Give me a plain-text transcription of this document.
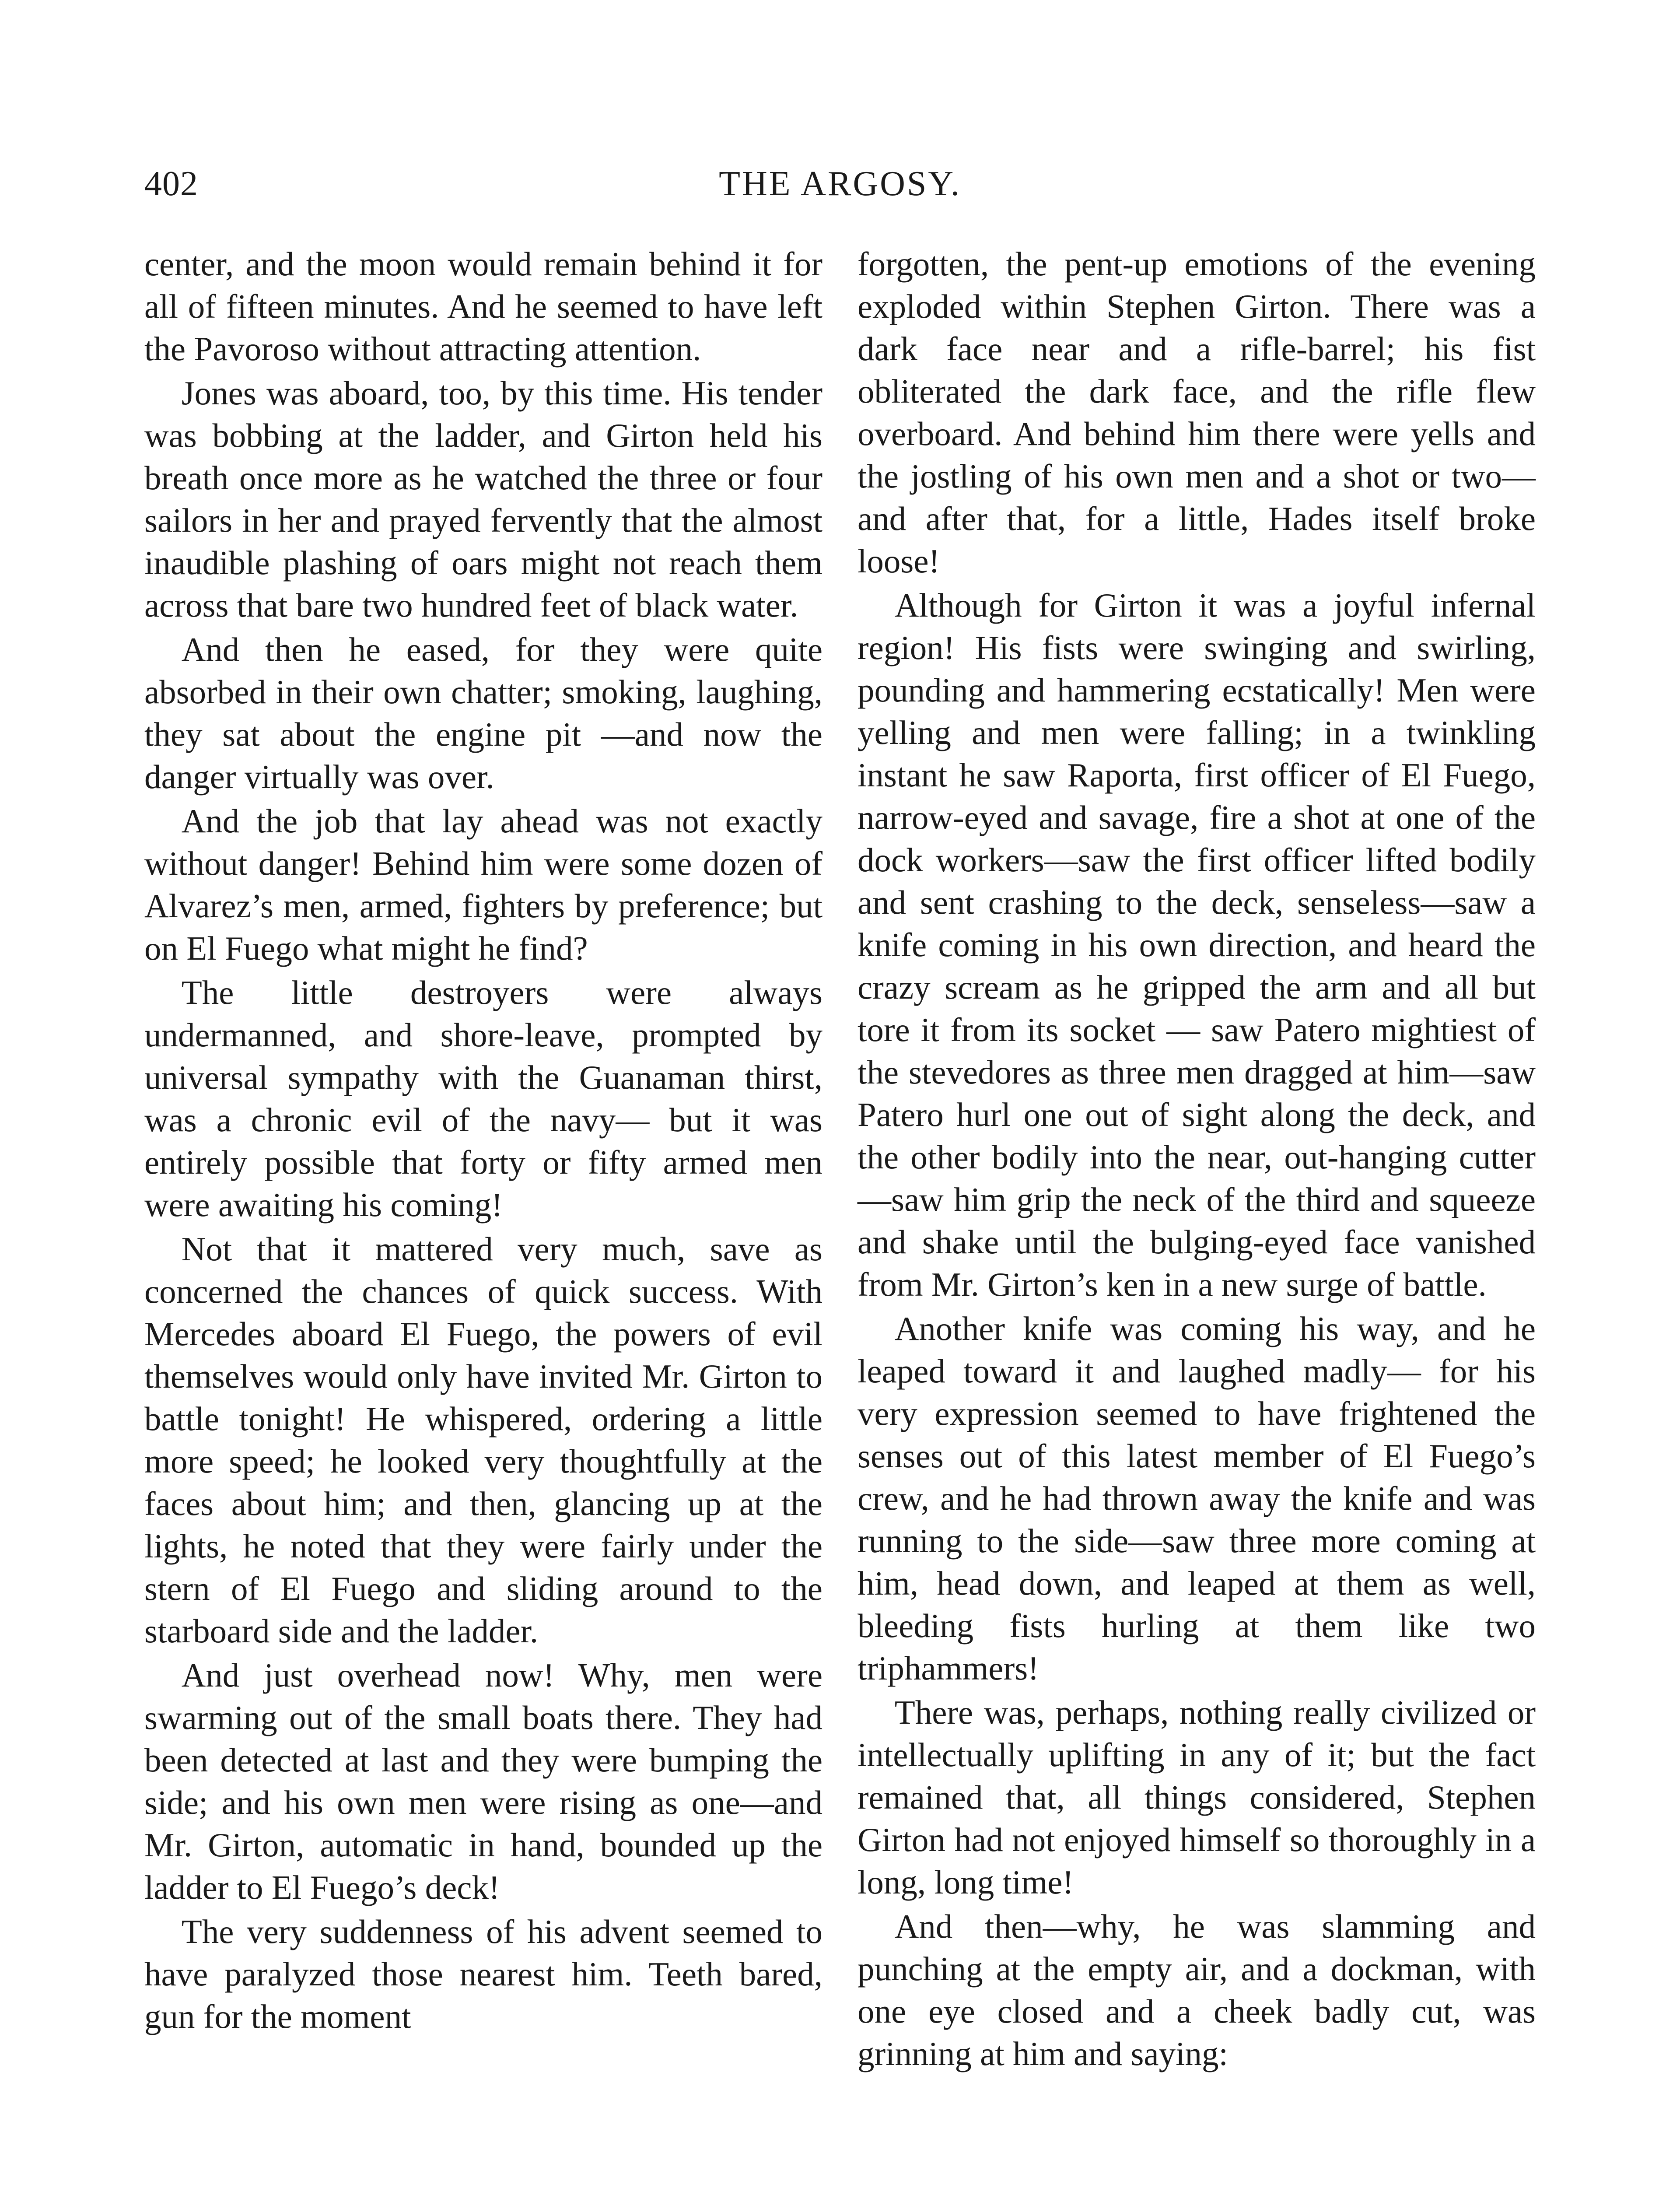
402	THE ARGOSY.

center, and the moon would remain behind it for all of fifteen minutes. And he seemed to have left the Pavoroso without attracting attention.

Jones was aboard, too, by this time. His tender was bobbing at the ladder, and Girton held his breath once more as he watched the three or four sailors in her and prayed fervently that the almost inaudible plashing of oars might not reach them across that bare two hundred feet of black water.

And then he eased, for they were quite absorbed in their own chatter; smoking, laughing, they sat about the engine pit —and now the danger virtually was over.

And the job that lay ahead was not exactly without danger! Behind him were some dozen of Alvarez’s men, armed, fighters by preference; but on El Fuego what might he find?

The little destroyers were always undermanned, and shore-leave, prompted by universal sympathy with the Guanaman thirst, was a chronic evil of the navy— but it was entirely possible that forty or fifty armed men were awaiting his coming!

Not that it mattered very much, save as concerned the chances of quick success. With Mercedes aboard El Fuego, the powers of evil themselves would only have invited Mr. Girton to battle tonight! He whispered, ordering a little more speed; he looked very thoughtfully at the faces about him; and then, glancing up at the lights, he noted that they were fairly under the stern of El Fuego and sliding around to the starboard side and the ladder.

And just overhead now! Why, men were swarming out of the small boats there. They had been detected at last and they were bumping the side; and his own men were rising as one—and Mr. Girton, automatic in hand, bounded up the ladder to El Fuego’s deck!

The very suddenness of his advent seemed to have paralyzed those nearest him. Teeth bared, gun for the moment

forgotten, the pent-up emotions of the evening exploded within Stephen Girton. There was a dark face near and a rifle-barrel; his fist obliterated the dark face, and the rifle flew overboard. And behind him there were yells and the jostling of his own men and a shot or two—and after that, for a little, Hades itself broke loose!

Although for Girton it was a joyful infernal region! His fists were swinging and swirling, pounding and hammering ecstatically! Men were yelling and men were falling; in a twinkling instant he saw Raporta, first officer of El Fuego, narrow-eyed and savage, fire a shot at one of the dock workers—saw the first officer lifted bodily and sent crashing to the deck, senseless—saw a knife coming in his own direction, and heard the crazy scream as he gripped the arm and all but tore it from its socket — saw Patero mightiest of the stevedores as three men dragged at him—saw Patero hurl one out of sight along the deck, and the other bodily into the near, out-hanging cutter—saw him grip the neck of the third and squeeze and shake until the bulging-eyed face vanished from Mr. Girton’s ken in a new surge of battle.

Another knife was coming his way, and he leaped toward it and laughed madly— for his very expression seemed to have frightened the senses out of this latest member of El Fuego’s crew, and he had thrown away the knife and was running to the side—saw three more coming at him, head down, and leaped at them as well, bleeding fists hurling at them like two triphammers!

There was, perhaps, nothing really civilized or intellectually uplifting in any of it; but the fact remained that, all things considered, Stephen Girton had not enjoyed himself so thoroughly in a long, long time!

And then—why, he was slamming and punching at the empty air, and a dockman, with one eye closed and a cheek badly cut, was grinning at him and saying:
